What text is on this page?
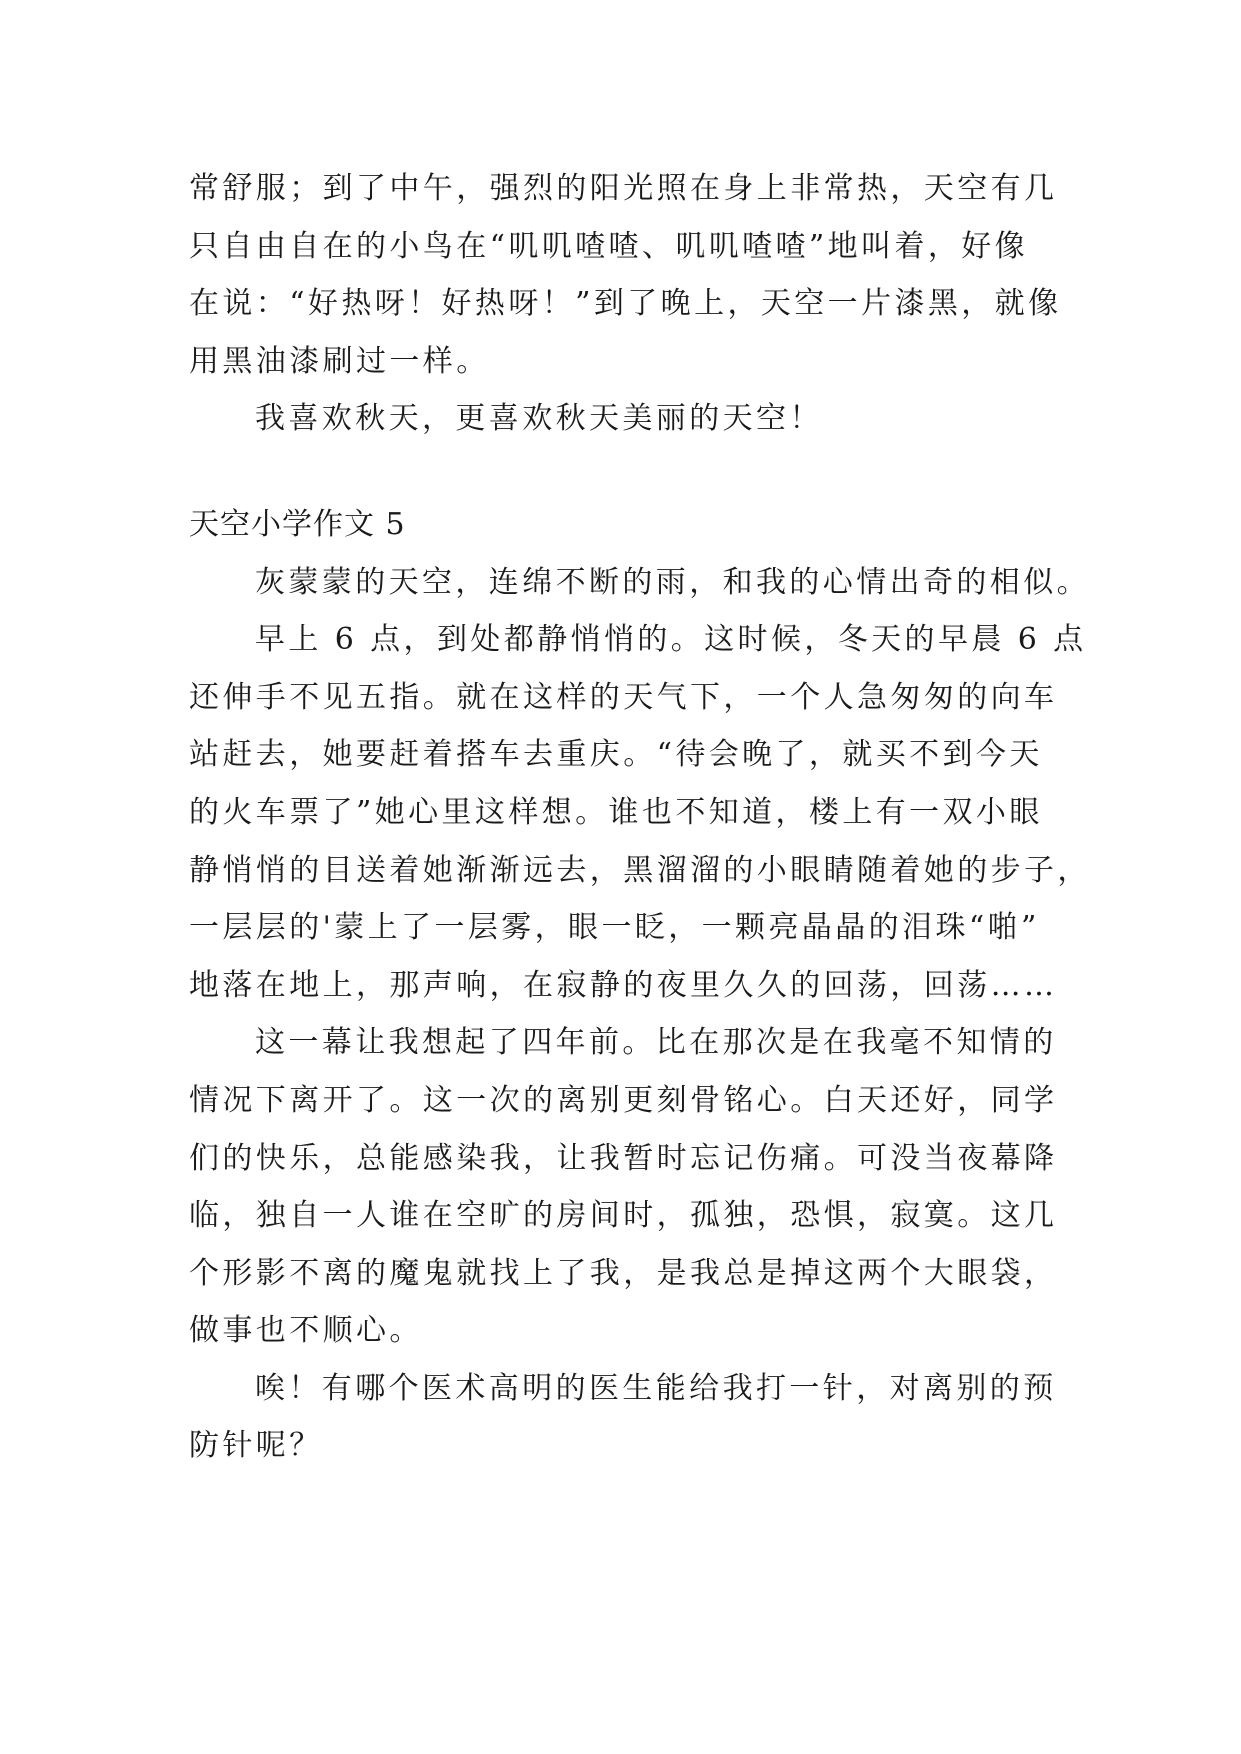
常舒服；到了中午，强烈的阳光照在身上非常热，天空有几
只自由自在的小鸟在“叽叽喳喳、叽叽喳喳”地叫着，好像
在说：“好热呀！好热呀！”到了晚上，天空一片漆黑，就像
用黑油漆刷过一样。
我喜欢秋天，更喜欢秋天美丽的天空！
天空小学作文 5
灰蒙蒙的天空，连绵不断的雨，和我的心情出奇的相似。
早上 6 点，到处都静悄悄的。这时候，冬天的早晨 6 点
还伸手不见五指。就在这样的天气下，一个人急匆匆的向车
站赶去，她要赶着搭车去重庆。“待会晚了，就买不到今天
的火车票了”她心里这样想。谁也不知道，楼上有一双小眼
静悄悄的目送着她渐渐远去，黑溜溜的小眼睛随着她的步子，
一层层的'蒙上了一层雾，眼一眨，一颗亮晶晶的泪珠“啪”
地落在地上，那声响，在寂静的夜里久久的回荡，回荡……
这一幕让我想起了四年前。比在那次是在我毫不知情的
情况下离开了。这一次的离别更刻骨铭心。白天还好，同学
们的快乐，总能感染我，让我暂时忘记伤痛。可没当夜幕降
临，独自一人谁在空旷的房间时，孤独，恐惧，寂寞。这几
个形影不离的魔鬼就找上了我，是我总是掉这两个大眼袋，
做事也不顺心。
唉！有哪个医术高明的医生能给我打一针，对离别的预
防针呢？
